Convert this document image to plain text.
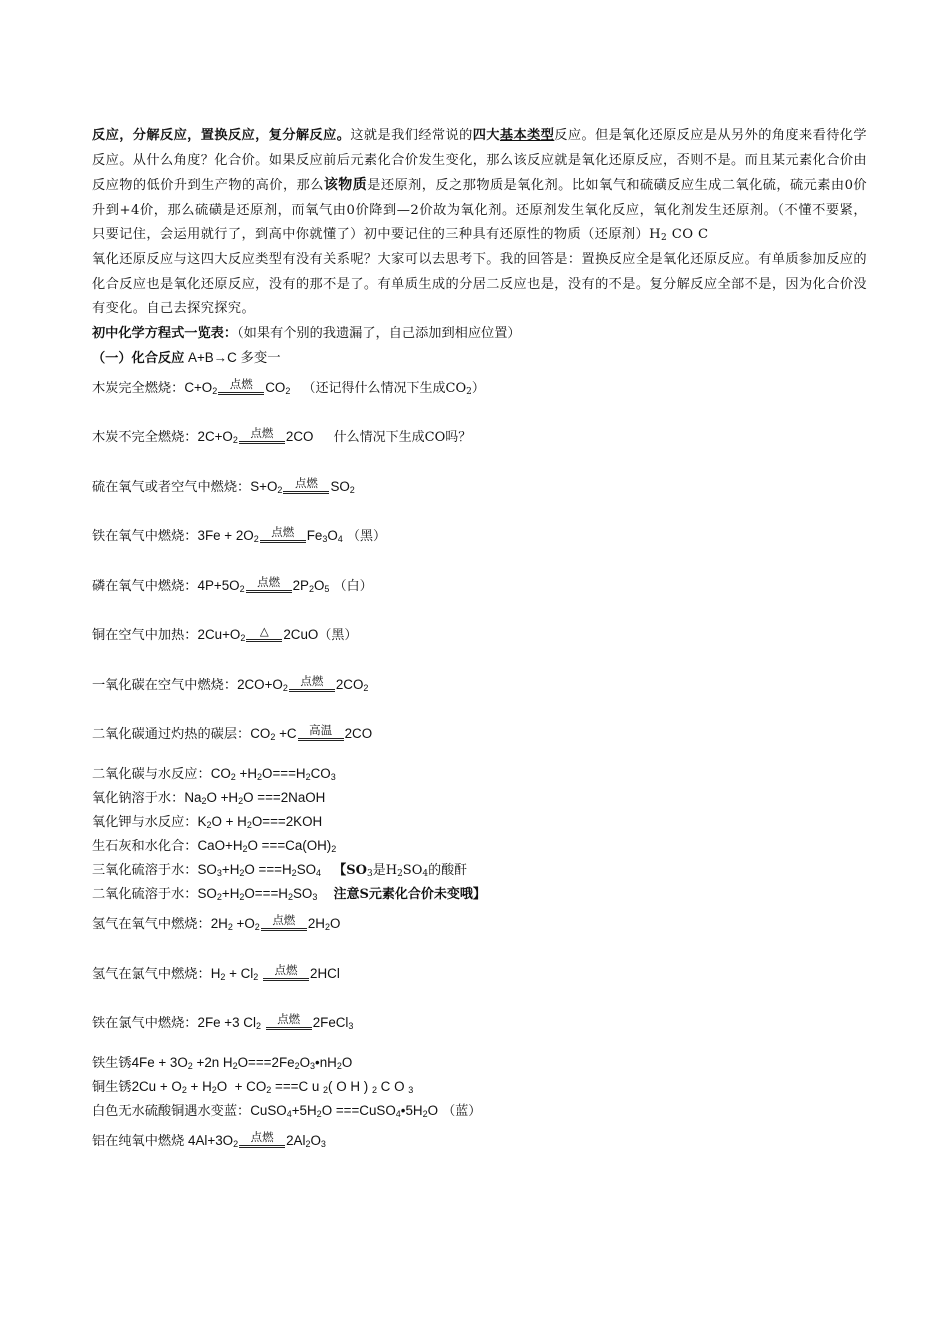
反应，分解反应，置换反应，复分解反应。这就是我们经常说的四大基本类型反应。但是氧化还原反应是从另外的角度来看待化学反应。从什么角度？化合价。如果反应前后元素化合价发生变化，那么该反应就是氧化还原反应，否则不是。而且某元素化合价由反应物的低价升到生产物的高价，那么该物质是还原剂，反之那物质是氧化剂。比如氧气和硫磺反应生成二氧化硫，硫元素由0价升到+4价，那么硫磺是还原剂，而氧气由0价降到—2价故为氧化剂。还原剂发生氧化反应，氧化剂发生还原剂。（不懂不要紧，只要记住，会运用就行了，到高中你就懂了）初中要记住的三种具有还原性的物质（还原剂）$H_2$ CO C

氧化还原反应与这四大反应类型有没有关系呢？大家可以去思考下。我的回答是：置换反应全是氧化还原反应。有单质参加反应的化合反应也是氧化还原反应，没有的那不是了。有单质生成的分居二反应也是，没有的不是。复分解反应全部不是，因为化合价没有变化。自己去探究探究。

初中化学方程式一览表：（如果有个别的我遗漏了，自己添加到相应位置）

（一）化合反应 A+B→C 多变一

木炭完全燃烧：$C+O_2$ 点燃 $CO_2$ （还记得什么情况下生成$CO_2$）
木炭不完全燃烧：$2C+O_2$ 点燃 2CO 什么情况下生成CO吗？
硫在氧气或者空气中燃烧：$S+O_2$ 点燃 $SO_2$
铁在氧气中燃烧：$3Fe + 2O_2$ 点燃 $Fe_3O_4$ （黑）
磷在氧气中燃烧：$4P+5O_2$ 点燃 $2P_2O_5$ （白）
铜在空气中加热：$2Cu+O_2$ △ 2CuO（黑）
一氧化碳在空气中燃烧：$2CO+O_2$ 点燃 $2CO_2$
二氧化碳通过灼热的碳层：$CO_2 +C$ 高温 2CO
二氧化碳与水反应：$CO_2 +H_2O===H_2CO_3$
氧化钠溶于水：$Na_2O +H_2O$ ===2NaOH
氧化钾与水反应：$K_2O + H_2O===2KOH$
生石灰和水化合：$CaO+H_2O ===Ca(OH)_2$
三氧化硫溶于水：$SO_3+H_2O ===H_2SO_4$ 【$SO_3$是$H_2SO_4$的酸酐
二氧化硫溶于水：$SO_2+H_2O===H_2SO_3$ 注意S元素化合价未变哦】
氢气在氧气中燃烧：$2H_2 +O_2$ 点燃 $2H_2O$
氢气在氯气中燃烧：$H_2 + Cl_2$ 点燃 2HCl
铁在氯气中燃烧：2Fe +3 $Cl_2$ 点燃 2FeCl$_3$
铁生锈$4Fe + 3O_2 +2n$ $H_2O===2Fe_2O_3•nH_2O$
铜生锈$2Cu + O_2 + H_2O + CO_2 ===C$ u $_2$( O H ) $_2$ C O $_3$
白色无水硫酸铜遇水变蓝：$CuSO_4+5H_2O$ $===CuSO_4•5H_2O$ （蓝）
铝在纯氧中燃烧 $4Al+3O_2$ 点燃 $2Al_2O_3$
